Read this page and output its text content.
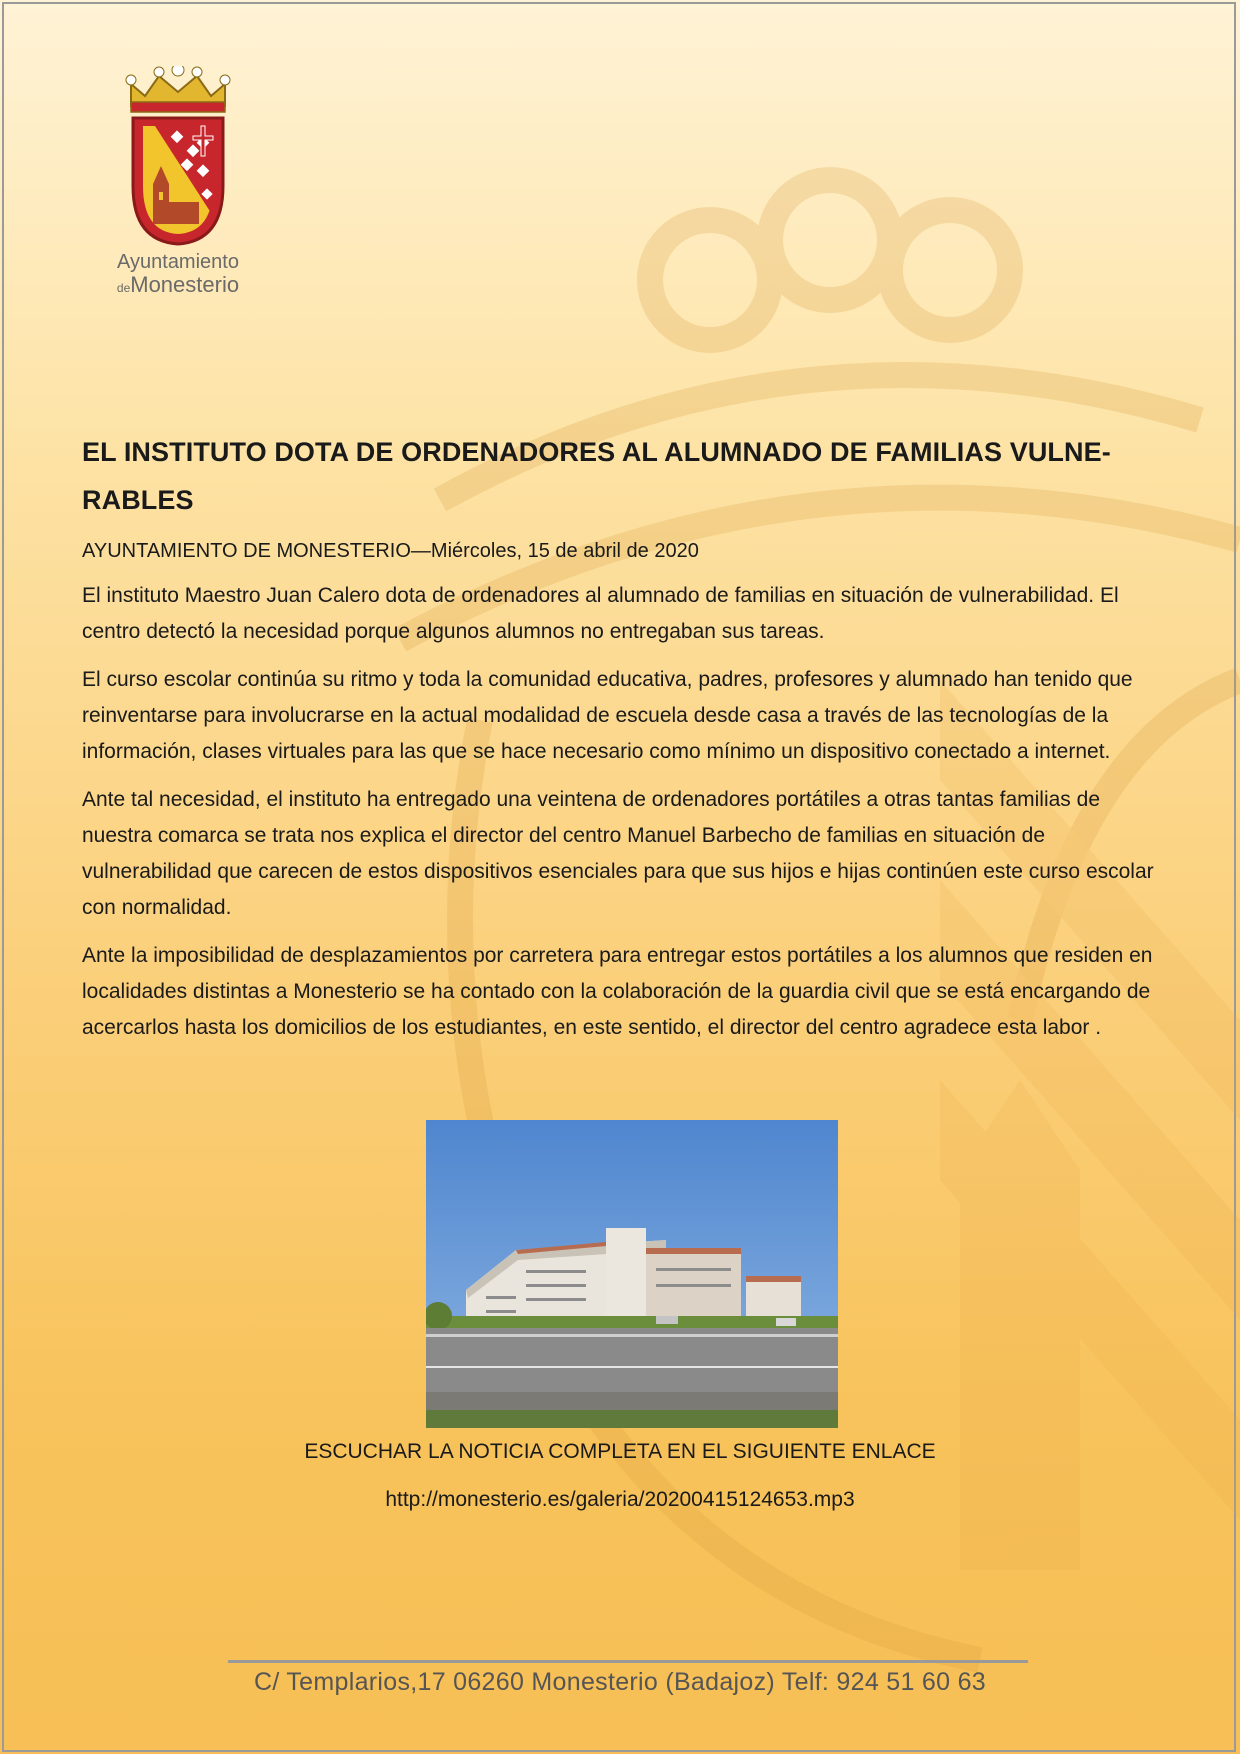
Ayuntamiento
deMonesterio
EL INSTITUTO DOTA DE ORDENADORES AL ALUMNADO DE FAMILIAS VULNE-
RABLES

AYUNTAMIENTO DE MONESTERIO—Miércoles, 15 de abril de 2020

El instituto Maestro Juan Calero dota de ordenadores al alumnado de familias en situación de vulnerabilidad. El centro detectó la necesidad porque algunos alumnos no entregaban sus tareas.

El curso escolar continúa su ritmo y toda la comunidad educativa, padres, profesores y alumnado han tenido que reinventarse para involucrarse en la actual modalidad de escuela desde casa a través de las tecnologías de la información, clases virtuales para las que se hace necesario como mínimo un dispositivo conectado a internet.

Ante tal necesidad, el instituto ha entregado una veintena de ordenadores portátiles a otras tantas familias de nuestra comarca se trata nos explica el director del centro Manuel Barbecho de familias en situación de vulnerabilidad que carecen de estos dispositivos esenciales para que sus hijos e hijas continúen este curso escolar con normalidad.

Ante la imposibilidad de desplazamientos por carretera para entregar estos portátiles a los alumnos que residen en localidades distintas a Monesterio se ha contado con la colaboración de la guardia civil que se está encargando de acercarlos hasta los domicilios de los estudiantes, en este sentido, el director del centro agradece esta labor .

ESCUCHAR LA NOTICIA COMPLETA EN EL SIGUIENTE ENLACE
http://monesterio.es/galeria/20200415124653.mp3
C/ Templarios,17 06260 Monesterio (Badajoz) Telf: 924 51 60 63
